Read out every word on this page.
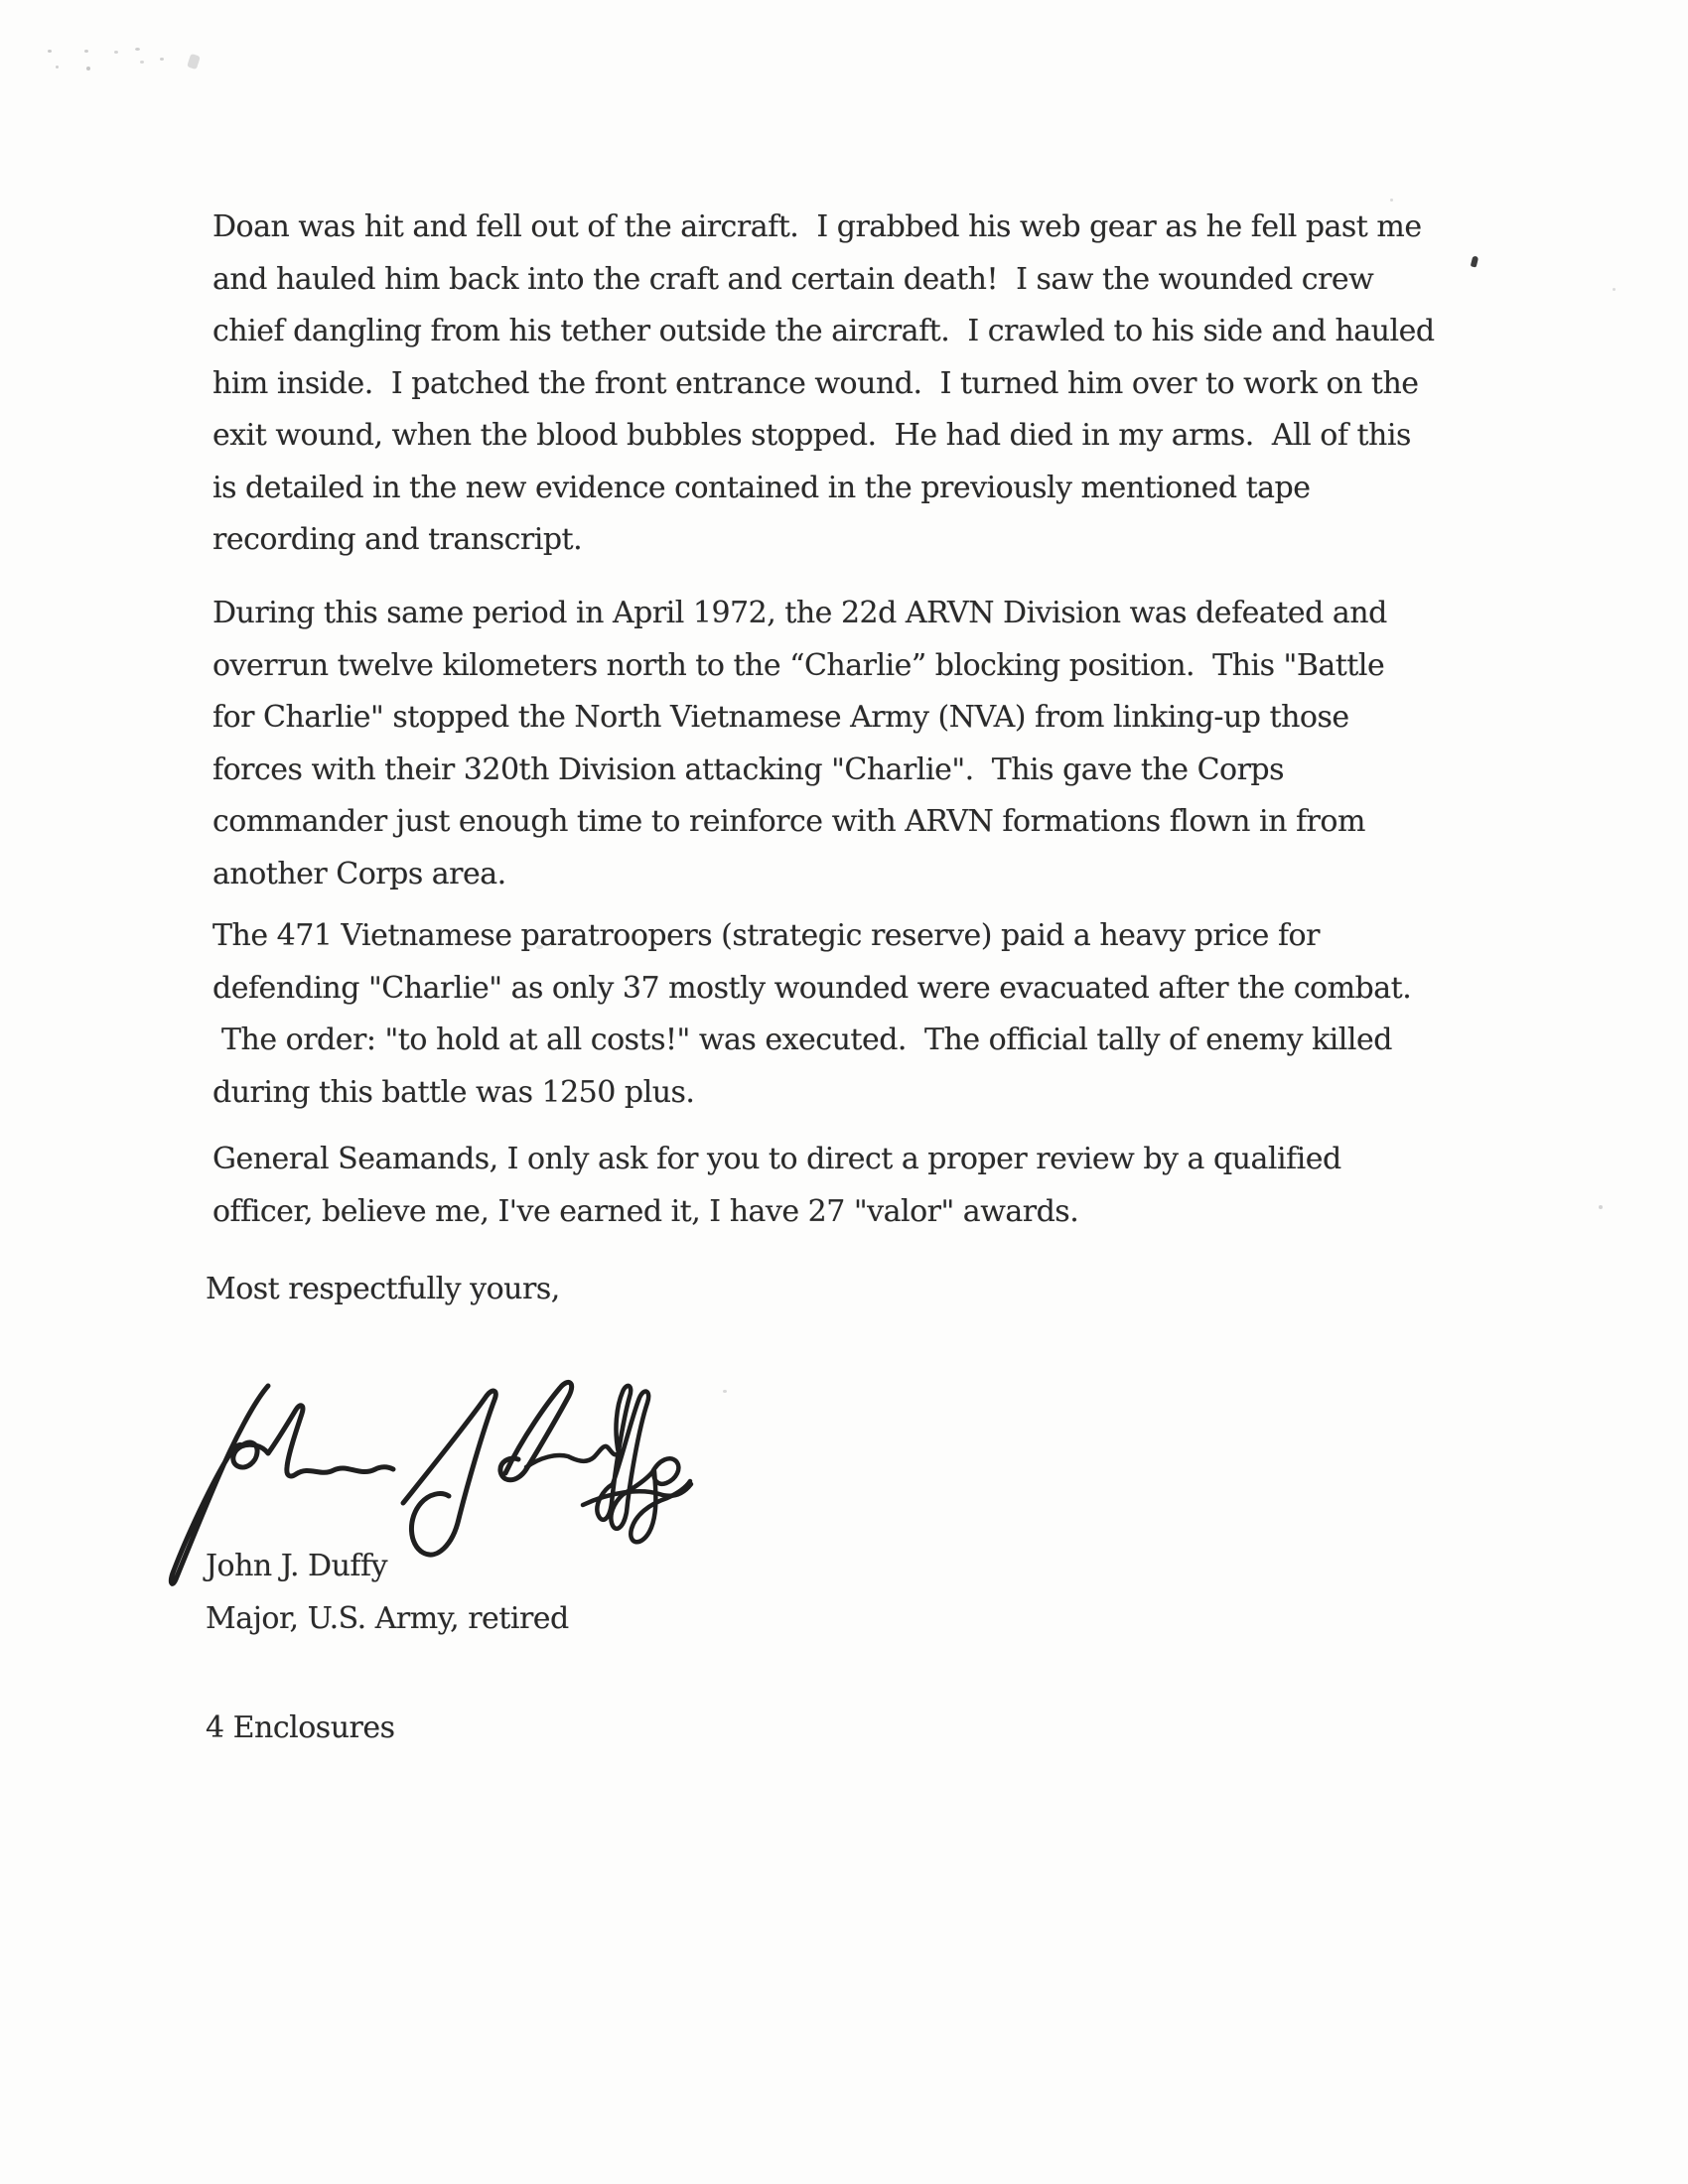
Doan was hit and fell out of the aircraft.  I grabbed his web gear as he fell past me
and hauled him back into the craft and certain death!  I saw the wounded crew
chief dangling from his tether outside the aircraft.  I crawled to his side and hauled
him inside.  I patched the front entrance wound.  I turned him over to work on the
exit wound, when the blood bubbles stopped.  He had died in my arms.  All of this
is detailed in the new evidence contained in the previously mentioned tape
recording and transcript.
During this same period in April 1972, the 22d ARVN Division was defeated and
overrun twelve kilometers north to the “Charlie” blocking position.  This "Battle
for Charlie" stopped the North Vietnamese Army (NVA) from linking-up those
forces with their 320th Division attacking "Charlie".  This gave the Corps
commander just enough time to reinforce with ARVN formations flown in from
another Corps area.
The 471 Vietnamese paratroopers (strategic reserve) paid a heavy price for
defending "Charlie" as only 37 mostly wounded were evacuated after the combat.
The order: "to hold at all costs!" was executed.  The official tally of enemy killed
during this battle was 1250 plus.
General Seamands, I only ask for you to direct a proper review by a qualified
officer, believe me, I've earned it, I have 27 "valor" awards.
Most respectfully yours,
John J. Duffy
Major, U.S. Army, retired
4 Enclosures
